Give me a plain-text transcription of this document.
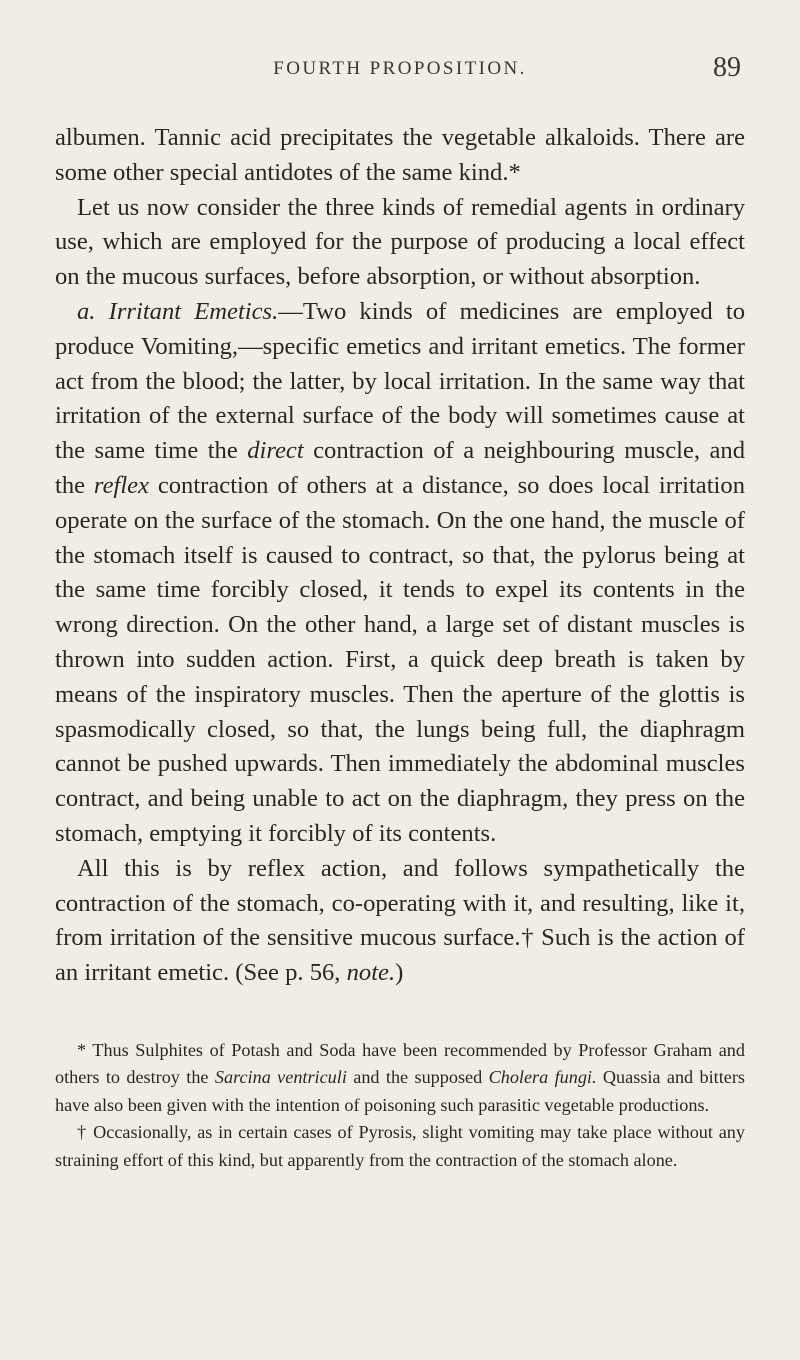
FOURTH PROPOSITION.	89

albumen. Tannic acid precipitates the vegetable alkaloids. There are some other special antidotes of the same kind.*

Let us now consider the three kinds of remedial agents in ordinary use, which are employed for the purpose of producing a local effect on the mucous surfaces, before absorption, or without absorption.

a. Irritant Emetics.—Two kinds of medicines are employed to produce Vomiting,—specific emetics and irritant emetics. The former act from the blood; the latter, by local irritation. In the same way that irritation of the external surface of the body will sometimes cause at the same time the direct contraction of a neighbouring muscle, and the reflex contraction of others at a distance, so does local irritation operate on the surface of the stomach. On the one hand, the muscle of the stomach itself is caused to contract, so that, the pylorus being at the same time forcibly closed, it tends to expel its contents in the wrong direction. On the other hand, a large set of distant muscles is thrown into sudden action. First, a quick deep breath is taken by means of the inspiratory muscles. Then the aperture of the glottis is spasmodically closed, so that, the lungs being full, the diaphragm cannot be pushed upwards. Then immediately the abdominal muscles contract, and being unable to act on the diaphragm, they press on the stomach, emptying it forcibly of its contents.

All this is by reflex action, and follows sympathetically the contraction of the stomach, co-operating with it, and resulting, like it, from irritation of the sensitive mucous surface.† Such is the action of an irritant emetic. (See p. 56, note.)

* Thus Sulphites of Potash and Soda have been recommended by Professor Graham and others to destroy the Sarcina ventriculi and the supposed Cholera fungi. Quassia and bitters have also been given with the intention of poisoning such parasitic vegetable productions.

† Occasionally, as in certain cases of Pyrosis, slight vomiting may take place without any straining effort of this kind, but apparently from the contraction of the stomach alone.
